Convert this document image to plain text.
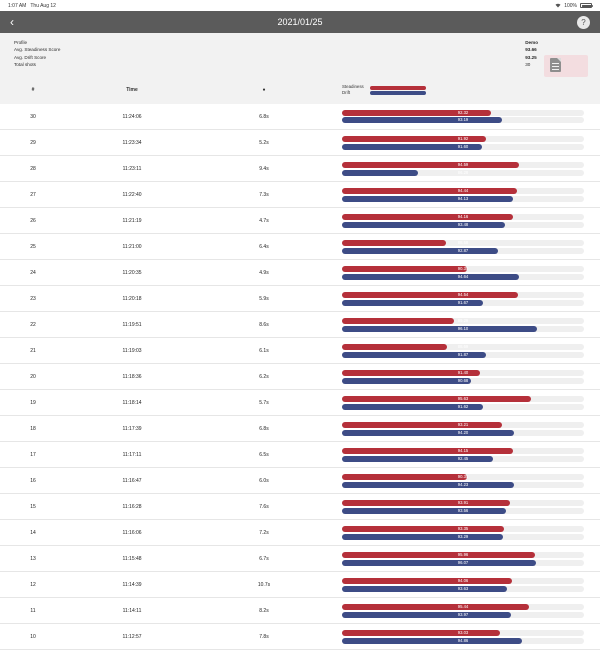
1:07 AM Thu Aug 12	100%
‹	2021/01/25	?
Profile
Avg. Steadiness Score
Avg. Drift Score
Total shots
Demo
93.66
93.25
30
#	Time	●	Steadiness
Drift

30	11:24:06	6.8s	92.32
93.19

29	11:23:34	5.2s	91.92
91.60

28	11:23:11	9.4s	94.59
86.28

27	11:22:40	7.3s	94.44
94.13

26	11:21:19	4.7s	94.16
93.48

25	11:21:00	6.4s	88.58
92.87

24	11:20:35	4.9s	90.30
94.64

23	11:20:18	5.9s	94.54
91.67

22	11:19:51	8.6s	89.29
96.10

21	11:19:03	6.1s	88.69
91.87

20	11:18:36	6.2s	91.40
90.68

19	11:18:14	5.7s	95.63
91.62

18	11:17:39	6.8s	93.21
94.20

17	11:17:11	6.5s	94.15
92.45

16	11:16:47	6.0s	90.35
94.23

15	11:16:28	7.6s	93.91
93.56

14	11:16:06	7.2s	93.35
93.29

13	11:15:48	6.7s	95.96
96.07

12	11:14:39	10.7s	94.06
93.63

11	11:14:11	8.2s	95.44
93.97

10	11:12:57	7.8s	93.03
94.86
